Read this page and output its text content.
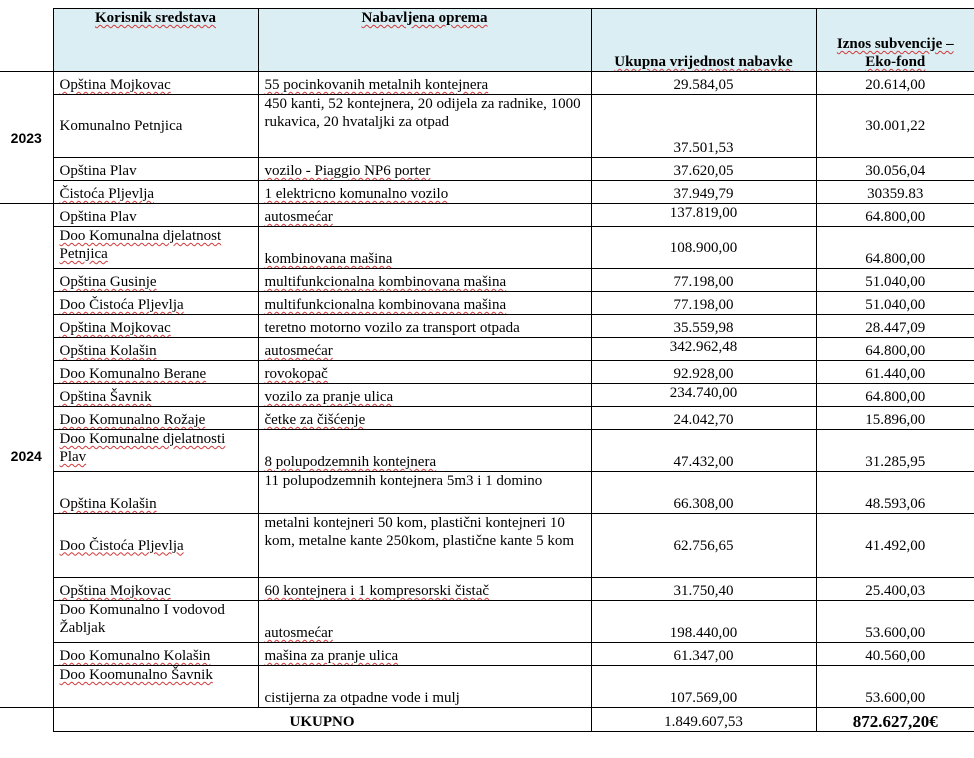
	Korisnik sredstava	Nabavljena oprema	Ukupna vrijednost nabavke	Iznos subvencije – Eko-fond
2023	Opština Mojkovac	55 pocinkovanih metalnih kontejnera	29.584,05	20.614,00
	Komunalno Petnjica	450 kanti, 52 kontejnera, 20 odijela za radnike, 1000 rukavica, 20 hvataljki za otpad	37.501,53	30.001,22
	Opština Plav	vozilo - Piaggio NP6 porter	37.620,05	30.056,04
	Čistoća Pljevlja	1 elektricno komunalno vozilo	37.949,79	30359.83
2024	Opština Plav	autosmećar	137.819,00	64.800,00
	Doo Komunalna djelatnost Petnjica	kombinovana mašina	108.900,00	64.800,00
	Opština Gusinje	multifunkcionalna kombinovana mašina	77.198,00	51.040,00
	Doo Čistoća Pljevlja	multifunkcionalna kombinovana mašina	77.198,00	51.040,00
	Opština Mojkovac	teretno motorno vozilo za transport otpada	35.559,98	28.447,09
	Opština Kolašin	autosmećar	342.962,48	64.800,00
	Doo Komunalno Berane	rovokopač	92.928,00	61.440,00
	Opština Šavnik	vozilo za pranje ulica	234.740,00	64.800,00
	Doo Komunalno Rožaje	četke za čišćenje	24.042,70	15.896,00
	Doo Komunalne djelatnosti Plav	8 polupodzemnih kontejnera	47.432,00	31.285,95
	Opština Kolašin	11 polupodzemnih kontejnera 5m3 i 1 domino	66.308,00	48.593,06
	Doo Čistoća Pljevlja	metalni kontejneri 50 kom, plastični kontejneri 10 kom, metalne kante 250kom, plastične kante 5 kom	62.756,65	41.492,00
	Opština Mojkovac	60 kontejnera i 1 kompresorski čistač	31.750,40	25.400,03
	Doo Komunalno I vodovod Žabljak	autosmećar	198.440,00	53.600,00
	Doo Komunalno Kolašin	mašina za pranje ulica	61.347,00	40.560,00
	Doo Koomunalno Šavnik	cistijerna za otpadne vode i mulj	107.569,00	53.600,00
	UKUPNO		1.849.607,53	872.627,20€
